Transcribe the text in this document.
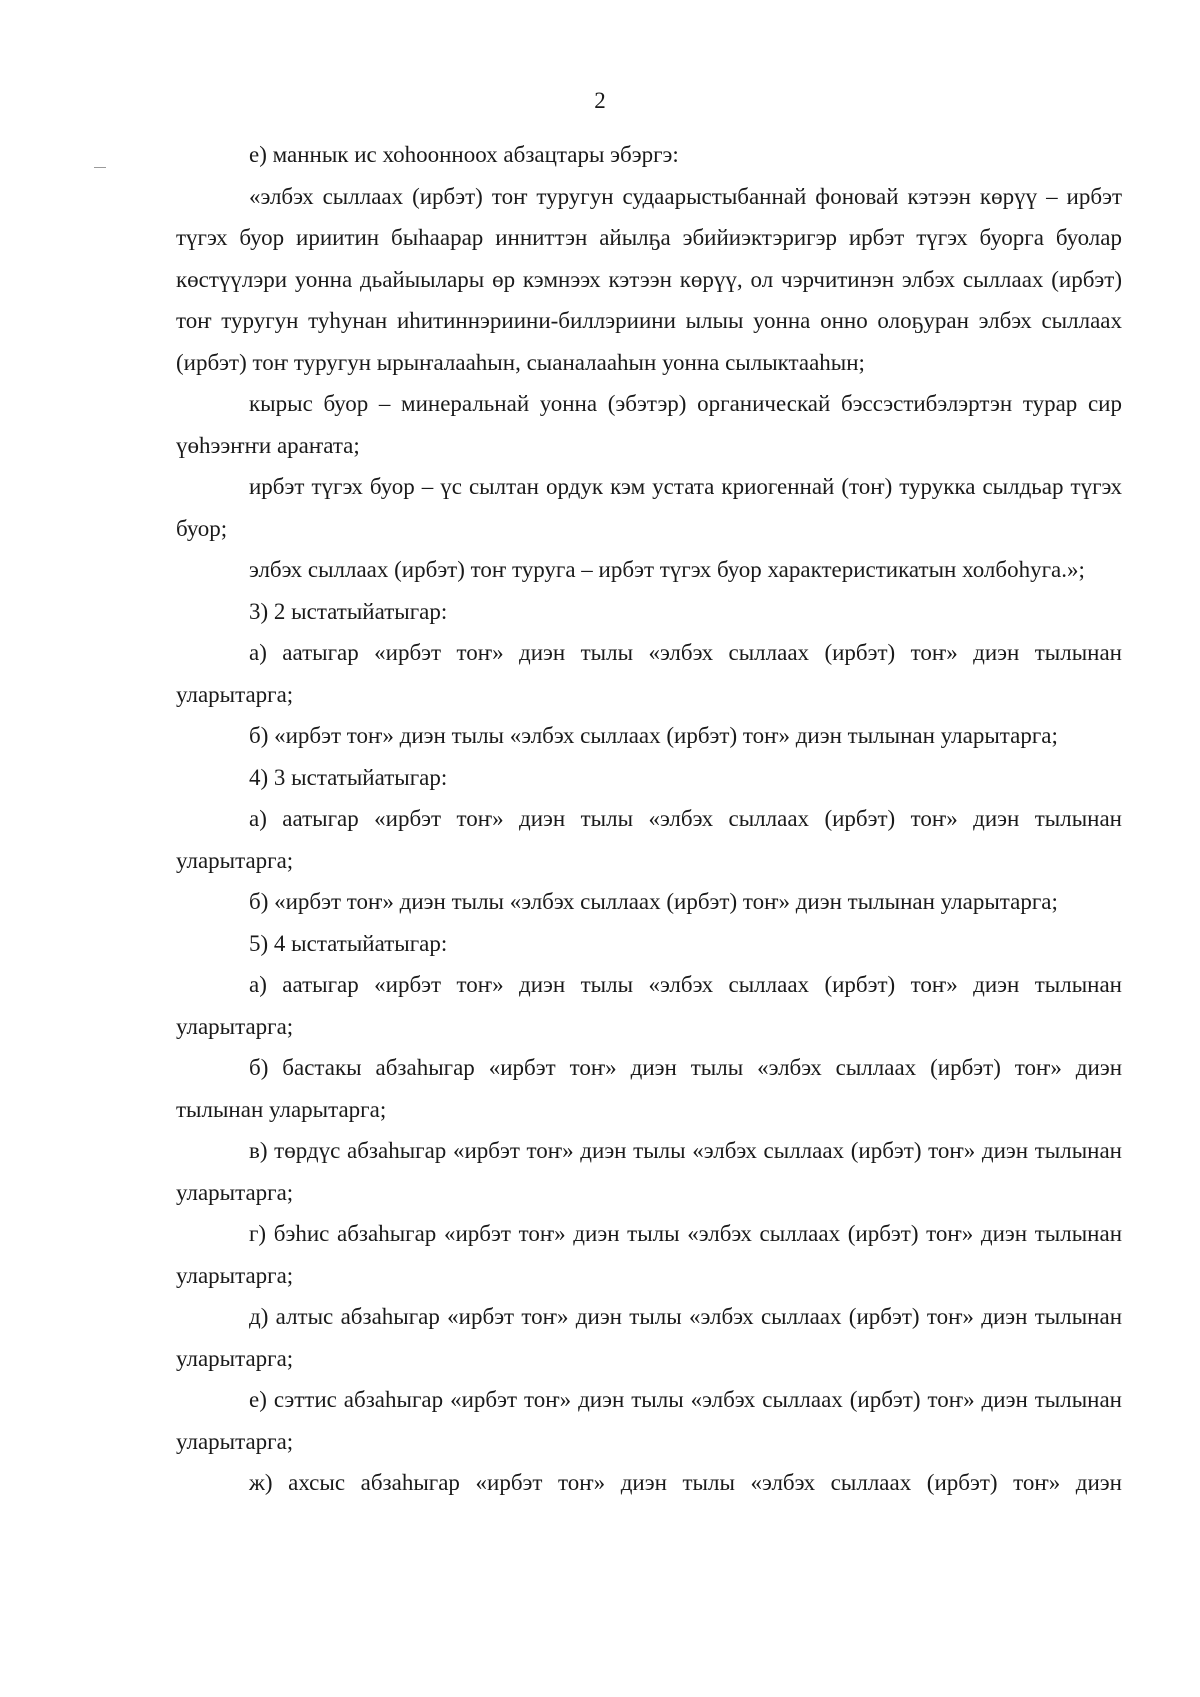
2

е) маннык ис хоhоонноох абзацтары эбэргэ:

«элбэх сыллаах (ирбэт) тоҥ туругун судаарыстыбаннай фоновай кэтээн көрүү – ирбэт түгэх буор ириитин быhаарар инниттэн айылҕа эбийиэктэригэр ирбэт түгэх буорга буолар көстүүлэри уонна дьайыылары өр кэмнээх кэтээн көрүү, ол чэрчитинэн элбэх сыллаах (ирбэт) тоҥ туругун туhунан иhитиннэриини-биллэриини ылыы уонна онно олоҕуран элбэх сыллаах (ирбэт) тоҥ туругун ырыҥалааhын, сыаналааhын уонна сылыктааhын;

кырыс буор – минеральнай уонна (эбэтэр) органическай бэссэстибэлэртэн турар сир үөhээҥҥи араҥата;

ирбэт түгэх буор – үс сылтан ордук кэм устата криогеннай (тоҥ) турукка сылдьар түгэх буор;

элбэх сыллаах (ирбэт) тоҥ туруга – ирбэт түгэх буор характеристикатын холбоhуга.»;

3) 2 ыстатыйатыгар:

а) аатыгар «ирбэт тоҥ» диэн тылы «элбэх сыллаах (ирбэт) тоҥ» диэн тылынан уларытарга;

б) «ирбэт тоҥ» диэн тылы «элбэх сыллаах (ирбэт) тоҥ» диэн тылынан уларытарга;

4) 3 ыстатыйатыгар:

а) аатыгар «ирбэт тоҥ» диэн тылы «элбэх сыллаах (ирбэт) тоҥ» диэн тылынан уларытарга;

б) «ирбэт тоҥ» диэн тылы «элбэх сыллаах (ирбэт) тоҥ» диэн тылынан уларытарга;

5) 4 ыстатыйатыгар:

а) аатыгар «ирбэт тоҥ» диэн тылы «элбэх сыллаах (ирбэт) тоҥ» диэн тылынан уларытарга;

б) бастакы абзаhыгар «ирбэт тоҥ» диэн тылы «элбэх сыллаах (ирбэт) тоҥ» диэн тылынан уларытарга;

в) төрдүс абзаhыгар «ирбэт тоҥ» диэн тылы «элбэх сыллаах (ирбэт) тоҥ» диэн тылынан уларытарга;

г) бэhис абзаhыгар «ирбэт тоҥ» диэн тылы «элбэх сыллаах (ирбэт) тоҥ» диэн тылынан уларытарга;

д) алтыс абзаhыгар «ирбэт тоҥ» диэн тылы «элбэх сыллаах (ирбэт) тоҥ» диэн тылынан уларытарга;

е) сэттис абзаhыгар «ирбэт тоҥ» диэн тылы «элбэх сыллаах (ирбэт) тоҥ» диэн тылынан уларытарга;

ж) ахсыс абзаhыгар «ирбэт тоҥ» диэн тылы «элбэх сыллаах (ирбэт) тоҥ» диэн
